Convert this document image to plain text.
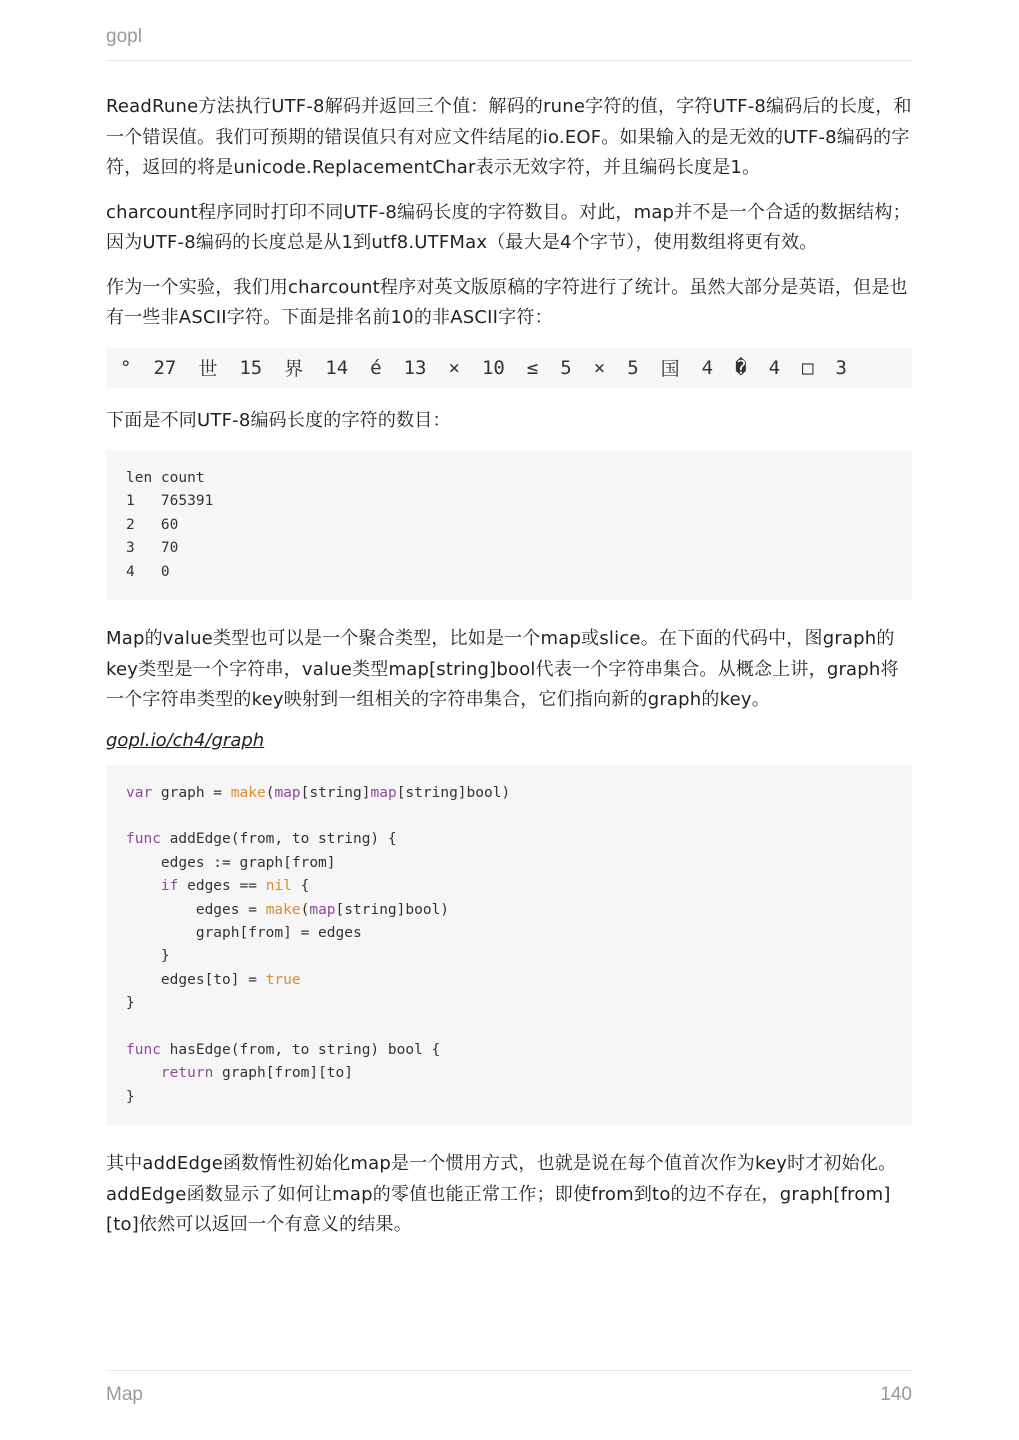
gopl

ReadRune方法执行UTF-8解码并返回三个值：解码的rune字符的值，字符UTF-8编码后的长度，和一个错误值。我们可预期的错误值只有对应文件结尾的io.EOF。如果输入的是无效的UTF-8编码的字符，返回的将是unicode.ReplacementChar表示无效字符，并且编码长度是1。

charcount程序同时打印不同UTF-8编码长度的字符数目。对此，map并不是一个合适的数据结构；因为UTF-8编码的长度总是从1到utf8.UTFMax（最大是4个字节），使用数组将更有效。

作为一个实验，我们用charcount程序对英文版原稿的字符进行了统计。虽然大部分是英语，但是也有一些非ASCII字符。下面是排名前10的非ASCII字符：

° 27 世 15 界 14 é 13 × 10 ≤ 5 × 5 国 4 � 4 □ 3

下面是不同UTF-8编码长度的字符的数目：

len count
1   765391
2   60
3   70
4   0

Map的value类型也可以是一个聚合类型，比如是一个map或slice。在下面的代码中，图graph的key类型是一个字符串，value类型map[string]bool代表一个字符串集合。从概念上讲，graph将一个字符串类型的key映射到一组相关的字符串集合，它们指向新的graph的key。

gopl.io/ch4/graph
var graph = make(map[string]map[string]bool)

func addEdge(from, to string) {
edges := graph[from]
if edges == nil {
edges = make(map[string]bool)
graph[from] = edges
}
edges[to] = true
}

func hasEdge(from, to string) bool {
return graph[from][to]
}

其中addEdge函数惰性初始化map是一个惯用方式，也就是说在每个值首次作为key时才初始化。addEdge函数显示了如何让map的零值也能正常工作；即使from到to的边不存在，graph[from][to]依然可以返回一个有意义的结果。

Map	140
